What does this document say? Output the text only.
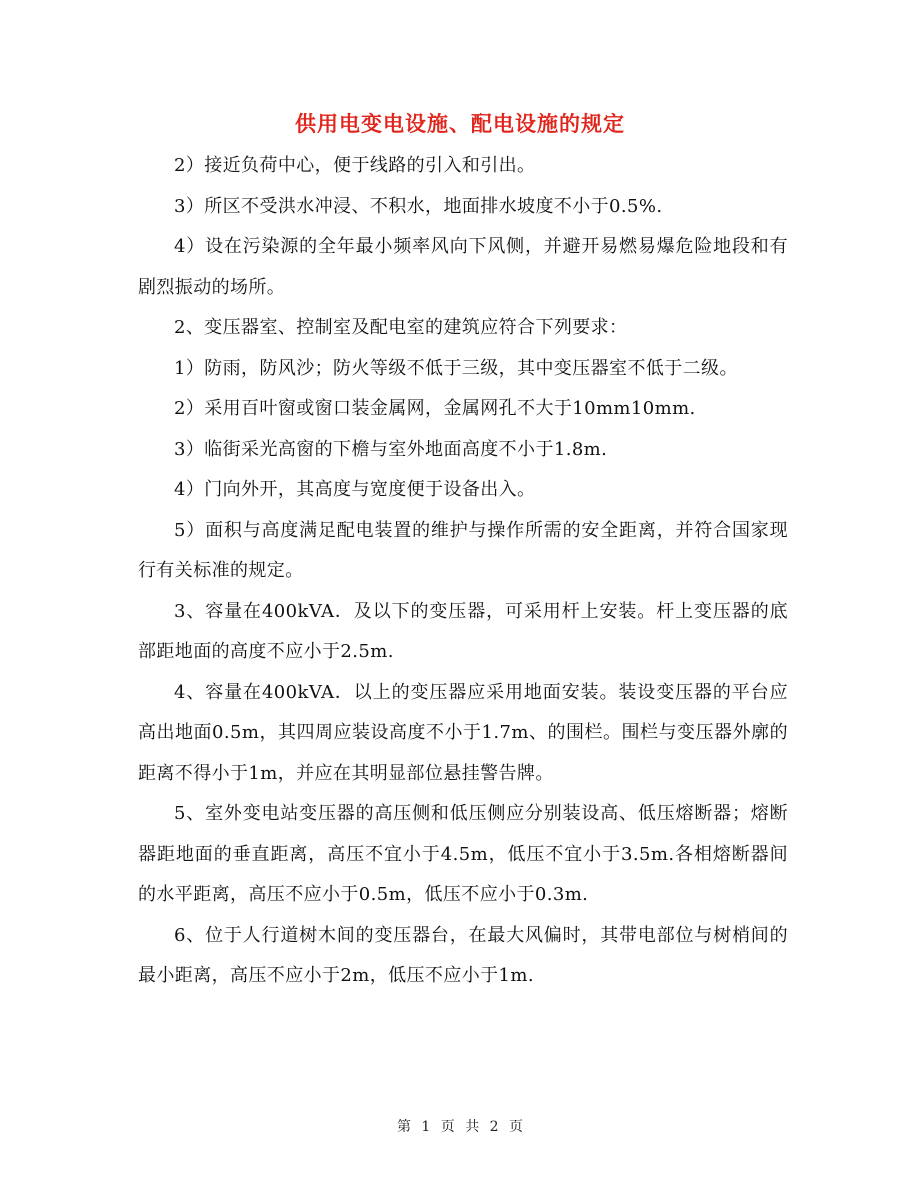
供用电变电设施、配电设施的规定

2）接近负荷中心，便于线路的引入和引出。

3）所区不受洪水冲浸、不积水，地面排水坡度不小于0.5%.

4）设在污染源的全年最小频率风向下风侧，并避开易燃易爆危险地段和有剧烈振动的场所。

2、变压器室、控制室及配电室的建筑应符合下列要求：

1）防雨，防风沙；防火等级不低于三级，其中变压器室不低于二级。

2）采用百叶窗或窗口装金属网，金属网孔不大于10mm10mm.

3）临街采光高窗的下檐与室外地面高度不小于1.8m.

4）门向外开，其高度与宽度便于设备出入。

5）面积与高度满足配电装置的维护与操作所需的安全距离，并符合国家现行有关标准的规定。

3、容量在400kVA．及以下的变压器，可采用杆上安装。杆上变压器的底部距地面的高度不应小于2.5m.

4、容量在400kVA．以上的变压器应采用地面安装。装设变压器的平台应高出地面0.5m，其四周应装设高度不小于1.7m、的围栏。围栏与变压器外廓的距离不得小于1m，并应在其明显部位悬挂警告牌。

5、室外变电站变压器的高压侧和低压侧应分别装设高、低压熔断器；熔断器距地面的垂直距离，高压不宜小于4.5m，低压不宜小于3.5m.各相熔断器间的水平距离，高压不应小于0.5m，低压不应小于0.3m.

6、位于人行道树木间的变压器台，在最大风偏时，其带电部位与树梢间的最小距离，高压不应小于2m，低压不应小于1m.

第 1 页 共 2 页
